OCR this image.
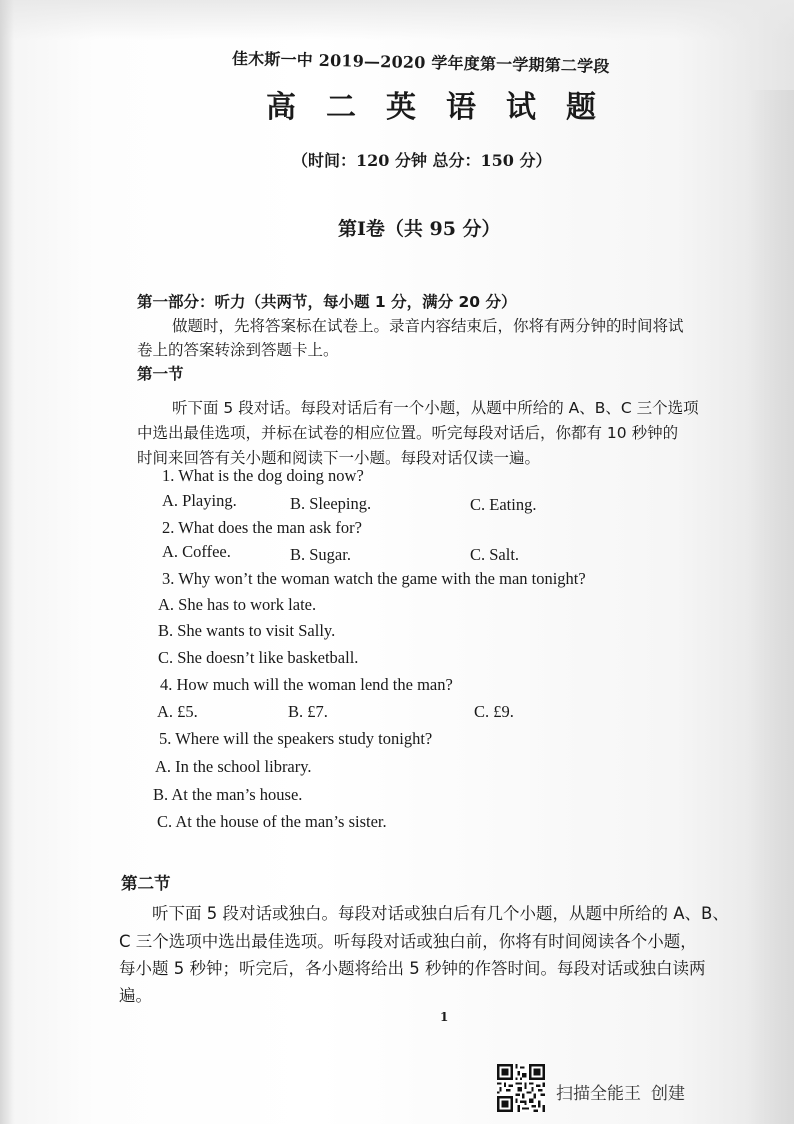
佳木斯一中 2019—2020 学年度第一学期第二学段
高二英语试题
（时间：120 分钟 总分：150 分）
第Ⅰ卷（共 95 分）
第一部分：听力（共两节，每小题 1 分，满分 20 分）
做题时，先将答案标在试卷上。录音内容结束后，你将有两分钟的时间将试
卷上的答案转涂到答题卡上。
第一节
听下面 5 段对话。每段对话后有一个小题，从题中所给的 A、B、C 三个选项
中选出最佳选项，并标在试卷的相应位置。听完每段对话后，你都有 10 秒钟的
时间来回答有关小题和阅读下一小题。每段对话仅读一遍。
1. What is the dog doing now?
A. Playing.	B. Sleeping.	C. Eating.
2. What does the man ask for?
A. Coffee.	B. Sugar.	C. Salt.
3. Why won’t the woman watch the game with the man tonight?
A. She has to work late.
B. She wants to visit Sally.
C. She doesn’t like basketball.
4. How much will the woman lend the man?
A. £5.	B. £7.	C. £9.
5. Where will the speakers study tonight?
A. In the school library.
B. At the man’s house.
C. At the house of the man’s sister.
第二节
听下面 5 段对话或独白。每段对话或独白后有几个小题，从题中所给的 A、B、
C 三个选项中选出最佳选项。听每段对话或独白前，你将有时间阅读各个小题，
每小题 5 秒钟；听完后，各小题将给出 5 秒钟的作答时间。每段对话或独白读两
遍。
1
扫描全能王 创建
